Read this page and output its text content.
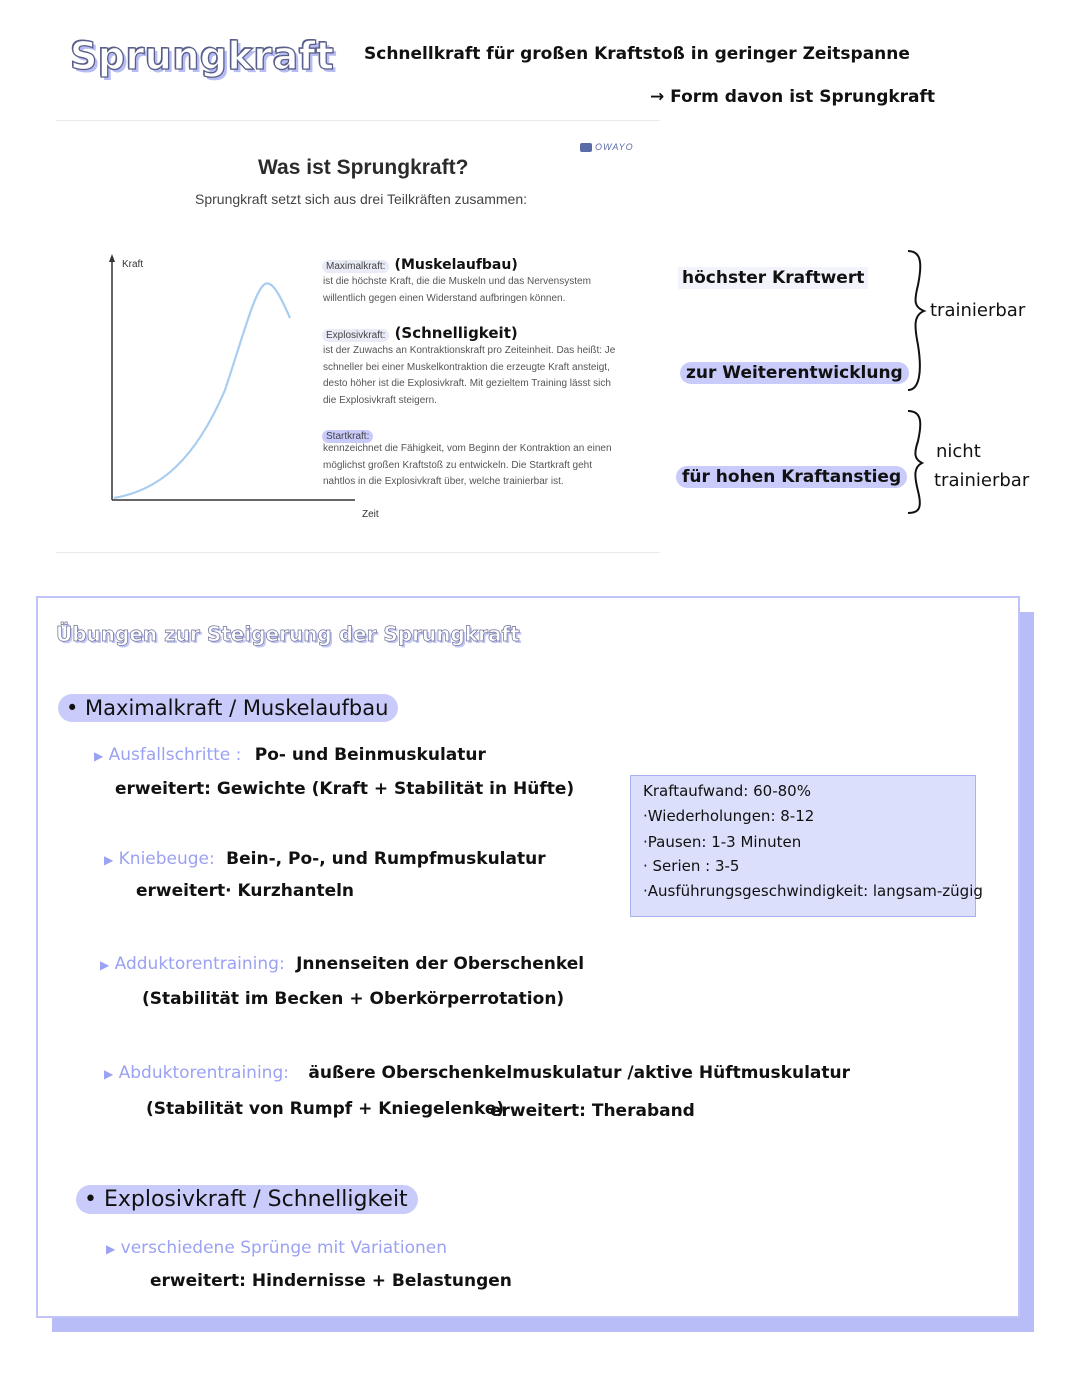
Sprungkraft Schnellkraft für großen Kraftstoß in geringer Zeitspanne
→ Form davon ist Sprungkraft
OWAYO
Was ist Sprungkraft?
Sprungkraft setzt sich aus drei Teilkräften zusammen:
Kraft
Zeit
Maximalkraft: (Muskelaufbau)
ist die höchste Kraft, die die Muskeln und das Nervensystem
willentlich gegen einen Widerstand aufbringen können.
Explosivkraft: (Schnelligkeit)
ist der Zuwachs an Kontraktionskraft pro Zeiteinheit. Das heißt: Je
schneller bei einer Muskelkontraktion die erzeugte Kraft ansteigt,
desto höher ist die Explosivkraft. Mit gezieltem Training lässt sich
die Explosivkraft steigern.
Startkraft:
kennzeichnet die Fähigkeit, vom Beginn der Kontraktion an einen
möglichst großen Kraftstoß zu entwickeln. Die Startkraft geht
nahtlos in die Explosivkraft über, welche trainierbar ist.
höchster Kraftwert
zur Weiterentwicklung
für hohen Kraftanstieg
trainierbar
nicht
trainierbar
Übungen zur Steigerung der Sprungkraft
• Maximalkraft / Muskelaufbau
▶ Ausfallschritte : Po- und Beinmuskulatur
erweitert: Gewichte (Kraft + Stabilität in Hüfte)
▶ Kniebeuge: Bein-, Po-, und Rumpfmuskulatur
erweitert· Kurzhanteln
▶ Adduktorentraining: Jnnenseiten der Oberschenkel
(Stabilität im Becken + Oberkörperrotation)
▶ Abduktorentraining: äußere Oberschenkelmuskulatur /aktive Hüftmuskulatur
(Stabilität von Rumpf + Kniegelenke)
erweitert: Theraband
Kraftaufwand: 60-80%
·Wiederholungen: 8-12
·Pausen: 1-3 Minuten
· Serien : 3-5
·Ausführungsgeschwindigkeit: langsam-zügig
• Explosivkraft / Schnelligkeit
▶ verschiedene Sprünge mit Variationen
erweitert: Hindernisse + Belastungen
